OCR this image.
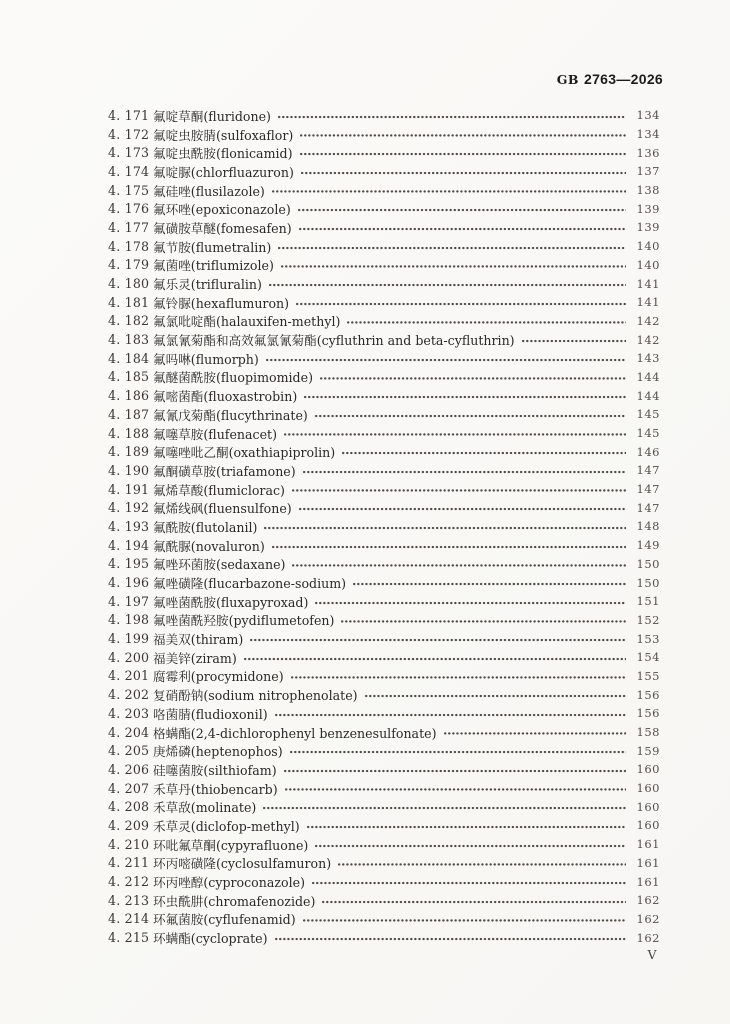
GB 2763—2026
4. 171 氟啶草酮(fluridone)	134
4. 172 氟啶虫胺腈(sulfoxaflor)	134
4. 173 氟啶虫酰胺(flonicamid)	136
4. 174 氟啶脲(chlorfluazuron)	137
4. 175 氟硅唑(flusilazole)	138
4. 176 氟环唑(epoxiconazole)	139
4. 177 氟磺胺草醚(fomesafen)	139
4. 178 氟节胺(flumetralin)	140
4. 179 氟菌唑(triflumizole)	140
4. 180 氟乐灵(trifluralin)	141
4. 181 氟铃脲(hexaflumuron)	141
4. 182 氟氯吡啶酯(halauxifen-methyl)	142
4. 183 氟氯氰菊酯和高效氟氯氰菊酯(cyfluthrin and beta-cyfluthrin)	142
4. 184 氟吗啉(flumorph)	143
4. 185 氟醚菌酰胺(fluopimomide)	144
4. 186 氟嘧菌酯(fluoxastrobin)	144
4. 187 氟氰戊菊酯(flucythrinate)	145
4. 188 氟噻草胺(flufenacet)	145
4. 189 氟噻唑吡乙酮(oxathiapiprolin)	146
4. 190 氟酮磺草胺(triafamone)	147
4. 191 氟烯草酸(flumiclorac)	147
4. 192 氟烯线砜(fluensulfone)	147
4. 193 氟酰胺(flutolanil)	148
4. 194 氟酰脲(novaluron)	149
4. 195 氟唑环菌胺(sedaxane)	150
4. 196 氟唑磺隆(flucarbazone-sodium)	150
4. 197 氟唑菌酰胺(fluxapyroxad)	151
4. 198 氟唑菌酰羟胺(pydiflumetofen)	152
4. 199 福美双(thiram)	153
4. 200 福美锌(ziram)	154
4. 201 腐霉利(procymidone)	155
4. 202 复硝酚钠(sodium nitrophenolate)	156
4. 203 咯菌腈(fludioxonil)	156
4. 204 格螨酯(2,4-dichlorophenyl benzenesulfonate)	158
4. 205 庚烯磷(heptenophos)	159
4. 206 硅噻菌胺(silthiofam)	160
4. 207 禾草丹(thiobencarb)	160
4. 208 禾草敌(molinate)	160
4. 209 禾草灵(diclofop-methyl)	160
4. 210 环吡氟草酮(cypyrafluone)	161
4. 211 环丙嘧磺隆(cyclosulfamuron)	161
4. 212 环丙唑醇(cyproconazole)	161
4. 213 环虫酰肼(chromafenozide)	162
4. 214 环氟菌胺(cyflufenamid)	162
4. 215 环螨酯(cycloprate)	162
V
